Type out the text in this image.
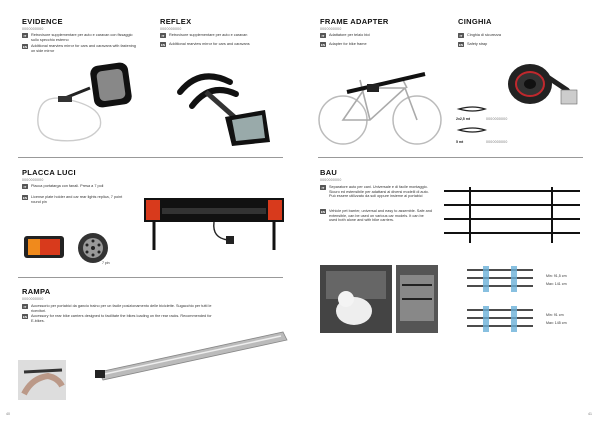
EVIDENCE
0000000000
IT	Retrovisore supplementare per auto e caravan con fissaggio sullo specchio esterno
EN Additional rearview mirror for cars and caravans with fastening on side mirror
REFLEX
0000000000
IT	Retrovisore supplementare per auto e caravan
EN Additional rearview mirror for cars and caravans
FRAME ADAPTER
0000000000
IT	Adattatore per telaio bici
EN Adapter for bike frame
CINGHIA
IT	Cinghia di sicurezza
EN Safety strap
2x2,5 mt	0000000000
5 mt	0000000000
PLACCA LUCI
0000000000
IT	Placca portatarga con fanali. Presa a 7 poli
EN License plate holder and car rear lights replica, 7 point round pin
7 pin
RAMPA
0000000000
IT	Accessorio per portabici da gancio traino per un facile posizionamento delle biciclette. Sugacchio per tutti le ricevitori.
EN Accessory for rear bike carriers designed to facilitate the bikes loading on the rear racks. Recommended for E-bikes.
BAU
0000000000
IT	Separatore auto per cani. Universale e di facile montaggio. Sicuro ed estensibile per adattarsi ai diversi modelli di auto. Può essere utilizzato da soli oppure insieme ai portabici
EN Vehicle pet barrier, universal and easy to assemble. Safe and extensible, can be used on various car models. It can be used both alone and with bike carriers.
Min: 91,5 cm
Max: 141 cm
Min: 91 cm
Max: 145 cm
40	41
